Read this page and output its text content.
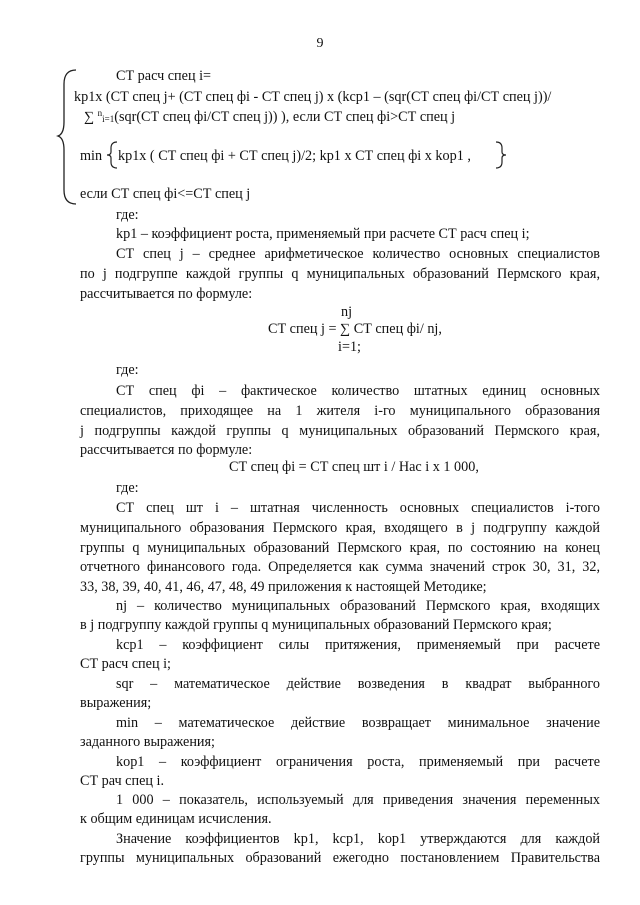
9
СТ расч спец i=
kp1x (СТ спец j+ (СТ спец фi - СТ спец j) x (kcp1 – (sqr(СТ спец фi/СТ спец j))/
∑ $^n_{i=1}$(sqr(СТ спец фi/СТ спец j)) ), если СТ спец фi>СТ спец j
min kp1x ( СТ спец фi + СТ спец j)/2; kp1 x СТ спец фi x kop1 ,
если СТ спец фi<=СТ спец j
где:
kp1 – коэффициент роста, применяемый при расчете СТ расч спец i;
СТ спец j – среднее арифметическое количество основных специалистов
по j подгруппе каждой группы q муниципальных образований Пермского края,
рассчитывается по формуле:
nj
СТ спец j = ∑ СТ спец фi/ nj,
i=1;
где:
СТ спец фi – фактическое количество штатных единиц основных
специалистов, приходящее на 1 жителя i-го муниципального образования
j подгруппы каждой группы q муниципальных образований Пермского края,
рассчитывается по формуле:
СТ спец фi = СТ спец шт i / Нас i x 1 000,
где:
СТ спец шт i – штатная численность основных специалистов i-того
муниципального образования Пермского края, входящего в j подгруппу каждой
группы q муниципальных образований Пермского края, по состоянию на конец
отчетного финансового года. Определяется как сумма значений строк 30, 31, 32,
33, 38, 39, 40, 41, 46, 47, 48, 49 приложения к настоящей Методике;
nj – количество муниципальных образований Пермского края, входящих
в j подгруппу каждой группы q муниципальных образований Пермского края;
kcp1 – коэффициент силы притяжения, применяемый при расчете
СТ расч спец i;
sqr – математическое действие возведения в квадрат выбранного
выражения;
min – математическое действие возвращает минимальное значение
заданного выражения;
kop1 – коэффициент ограничения роста, применяемый при расчете
СТ рач спец i.
1 000 – показатель, используемый для приведения значения переменных
к общим единицам исчисления.
Значение коэффициентов kp1, kcp1, kop1 утверждаются для каждой
группы муниципальных образований ежегодно постановлением Правительства
